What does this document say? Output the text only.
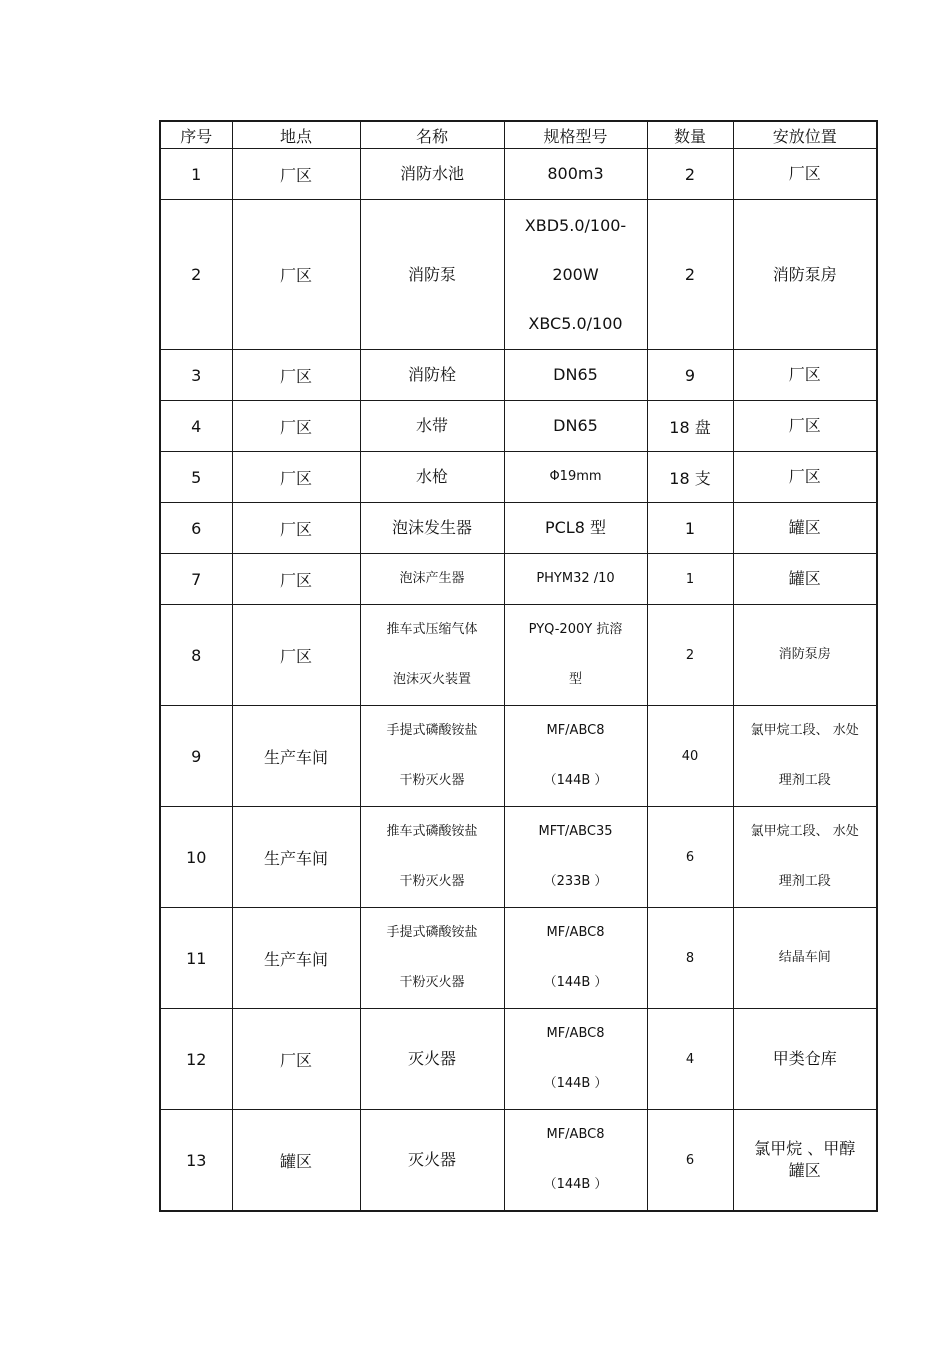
序号	地点	名称	规格型号	数量	安放位置
1	厂区	消防水池	800m3	2	厂区

2	厂区	消防泵	XBD5.0/100-
200W
XBC5.0/100	2	消防泵房

3	厂区	消防栓	DN65	9	厂区

4	厂区	水带	DN65	18 盘	厂区

5	厂区	水枪	Φ19mm	18 支	厂区

6	厂区	泡沫发生器	PCL8 型	1	罐区

7	厂区	泡沫产生器	PHYM32 /10	1	罐区

8	厂区	推车式压缩气体
泡沫灭火装置	PYQ-200Y 抗溶
型	2	消防泵房

9	生产车间	手提式磷酸铵盐
干粉灭火器	MF/ABC8
（144B ）	40	氯甲烷工段、 水处
理剂工段

10	生产车间	推车式磷酸铵盐
干粉灭火器	MFT/ABC35
（233B ）	6	氯甲烷工段、 水处
理剂工段

11	生产车间	手提式磷酸铵盐
干粉灭火器	MF/ABC8
（144B ）	8	结晶车间

12	厂区	灭火器	MF/ABC8
（144B ）	4	甲类仓库

13	罐区	灭火器	MF/ABC8
（144B ）	6	氯甲烷 、甲醇
罐区
